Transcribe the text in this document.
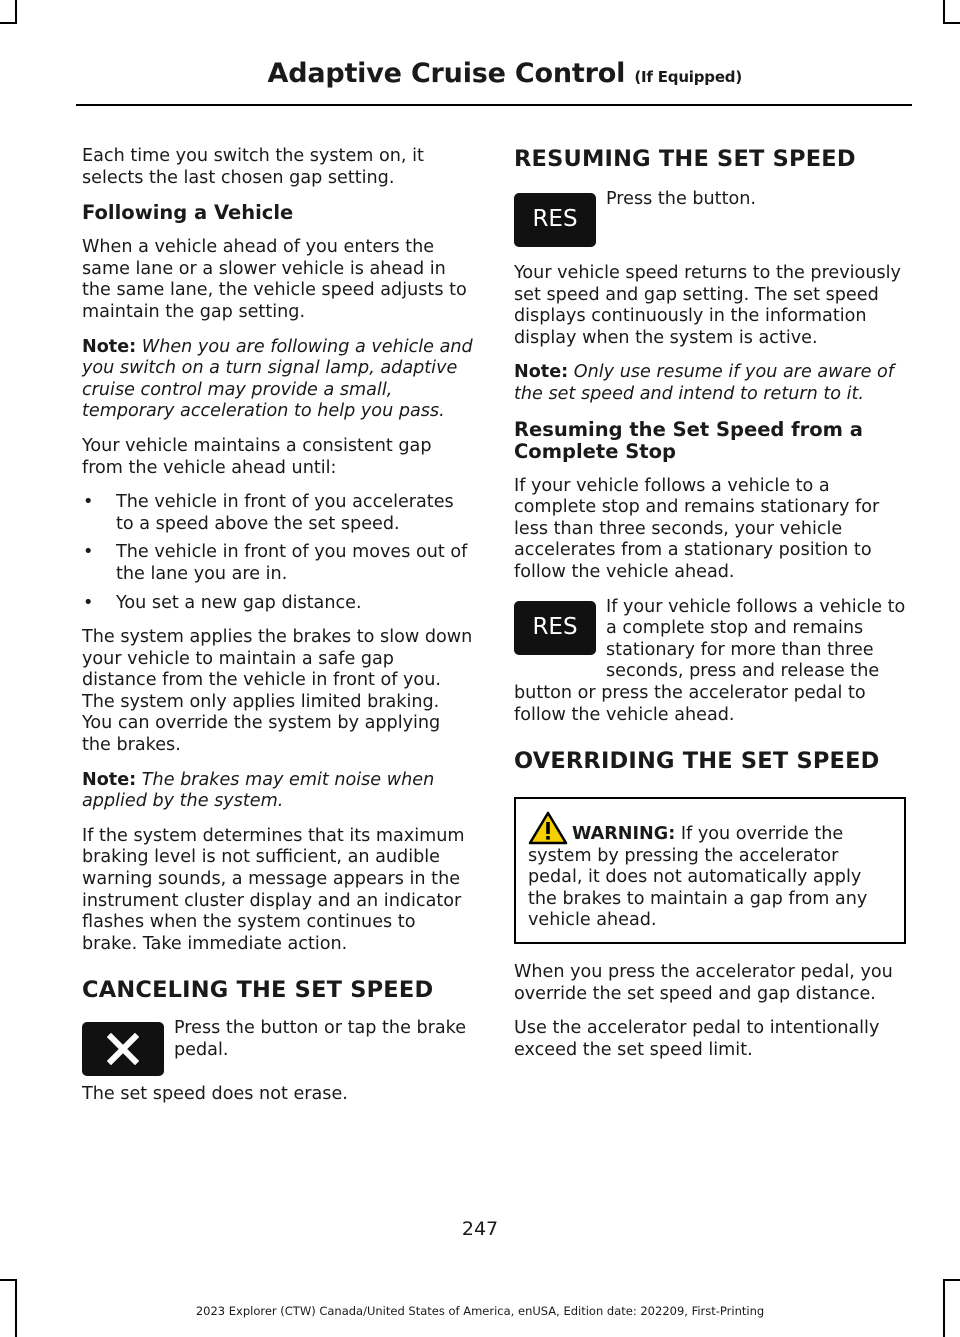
Adaptive Cruise Control (If Equipped)

Each time you switch the system on, it selects the last chosen gap setting.

Following a Vehicle

When a vehicle ahead of you enters the same lane or a slower vehicle is ahead in the same lane, the vehicle speed adjusts to maintain the gap setting.

Note: When you are following a vehicle and you switch on a turn signal lamp, adaptive cruise control may provide a small, temporary acceleration to help you pass.

Your vehicle maintains a consistent gap from the vehicle ahead until:

• The vehicle in front of you accelerates to a speed above the set speed.
• The vehicle in front of you moves out of the lane you are in.
• You set a new gap distance.

The system applies the brakes to slow down your vehicle to maintain a safe gap distance from the vehicle in front of you. The system only applies limited braking. You can override the system by applying the brakes.

Note: The brakes may emit noise when applied by the system.

If the system determines that its maximum braking level is not sufficient, an audible warning sounds, a message appears in the instrument cluster display and an indicator flashes when the system continues to brake. Take immediate action.

CANCELING THE SET SPEED

Press the button or tap the brake pedal.

The set speed does not erase.

RESUMING THE SET SPEED
RES

Press the button.

Your vehicle speed returns to the previously set speed and gap setting. The set speed displays continuously in the information display when the system is active.

Note: Only use resume if you are aware of the set speed and intend to return to it.

Resuming the Set Speed from a Complete Stop

If your vehicle follows a vehicle to a complete stop and remains stationary for less than three seconds, your vehicle accelerates from a stationary position to follow the vehicle ahead.

RES

If your vehicle follows a vehicle to a complete stop and remains stationary for more than three seconds, press and release the button or press the accelerator pedal to follow the vehicle ahead.

OVERRIDING THE SET SPEED
WARNING: If you override the system by pressing the accelerator pedal, it does not automatically apply the brakes to maintain a gap from any vehicle ahead.

When you press the accelerator pedal, you override the set speed and gap distance.

Use the accelerator pedal to intentionally exceed the set speed limit.

247
2023 Explorer (CTW) Canada/United States of America, enUSA, Edition date: 202209, First-Printing
